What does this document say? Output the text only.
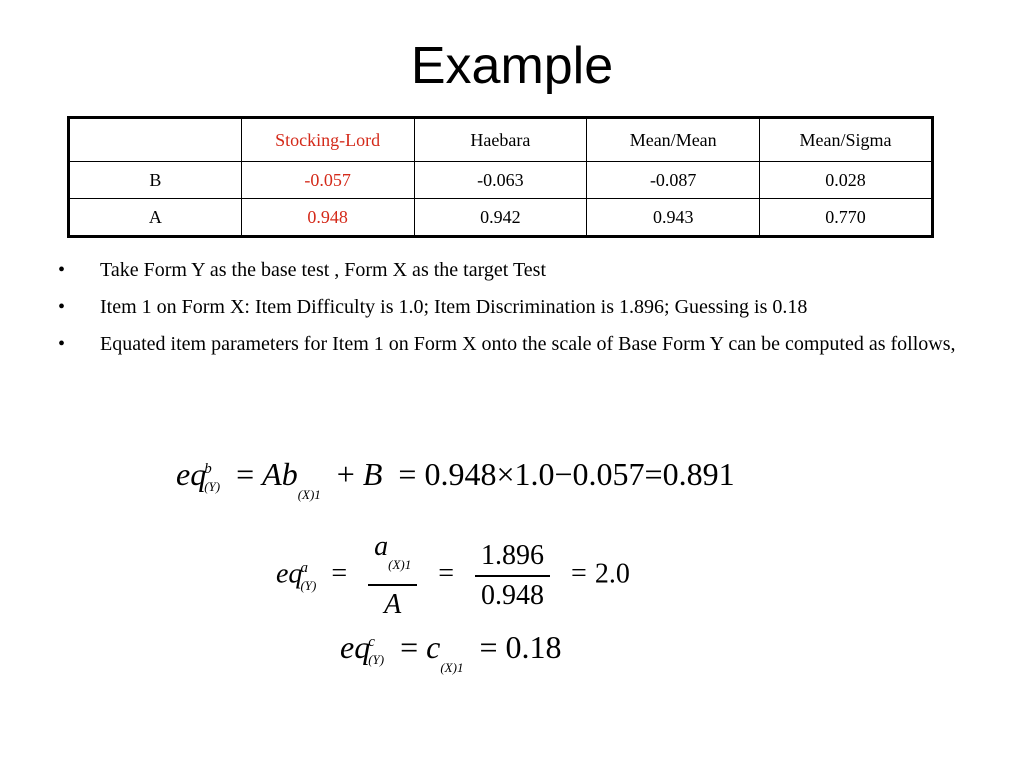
Example
	Stocking-Lord	Haebara	Mean/Mean	Mean/Sigma
B	-0.057	-0.063	-0.087	0.028
A	0.948	0.942	0.943	0.770
• Take Form Y as the base test , Form X as the target Test
• Item 1 on Form X: Item Difficulty is 1.0; Item Discrimination is 1.896; Guessing is 0.18
• Equated item parameters for Item 1 on Form X onto the scale of Base Form Y can be computed as follows,
eq
b
$(Y) = Ab_{(X)1} + B = 0.948\times 1.0-0.057=0.891$
eq
a
$(Y) = \frac{a_{(X)1}}{A} = \frac{1.896}{0.948} = 2.0$
eq
c
$(Y) = c_{(X)1} = 0.18$
